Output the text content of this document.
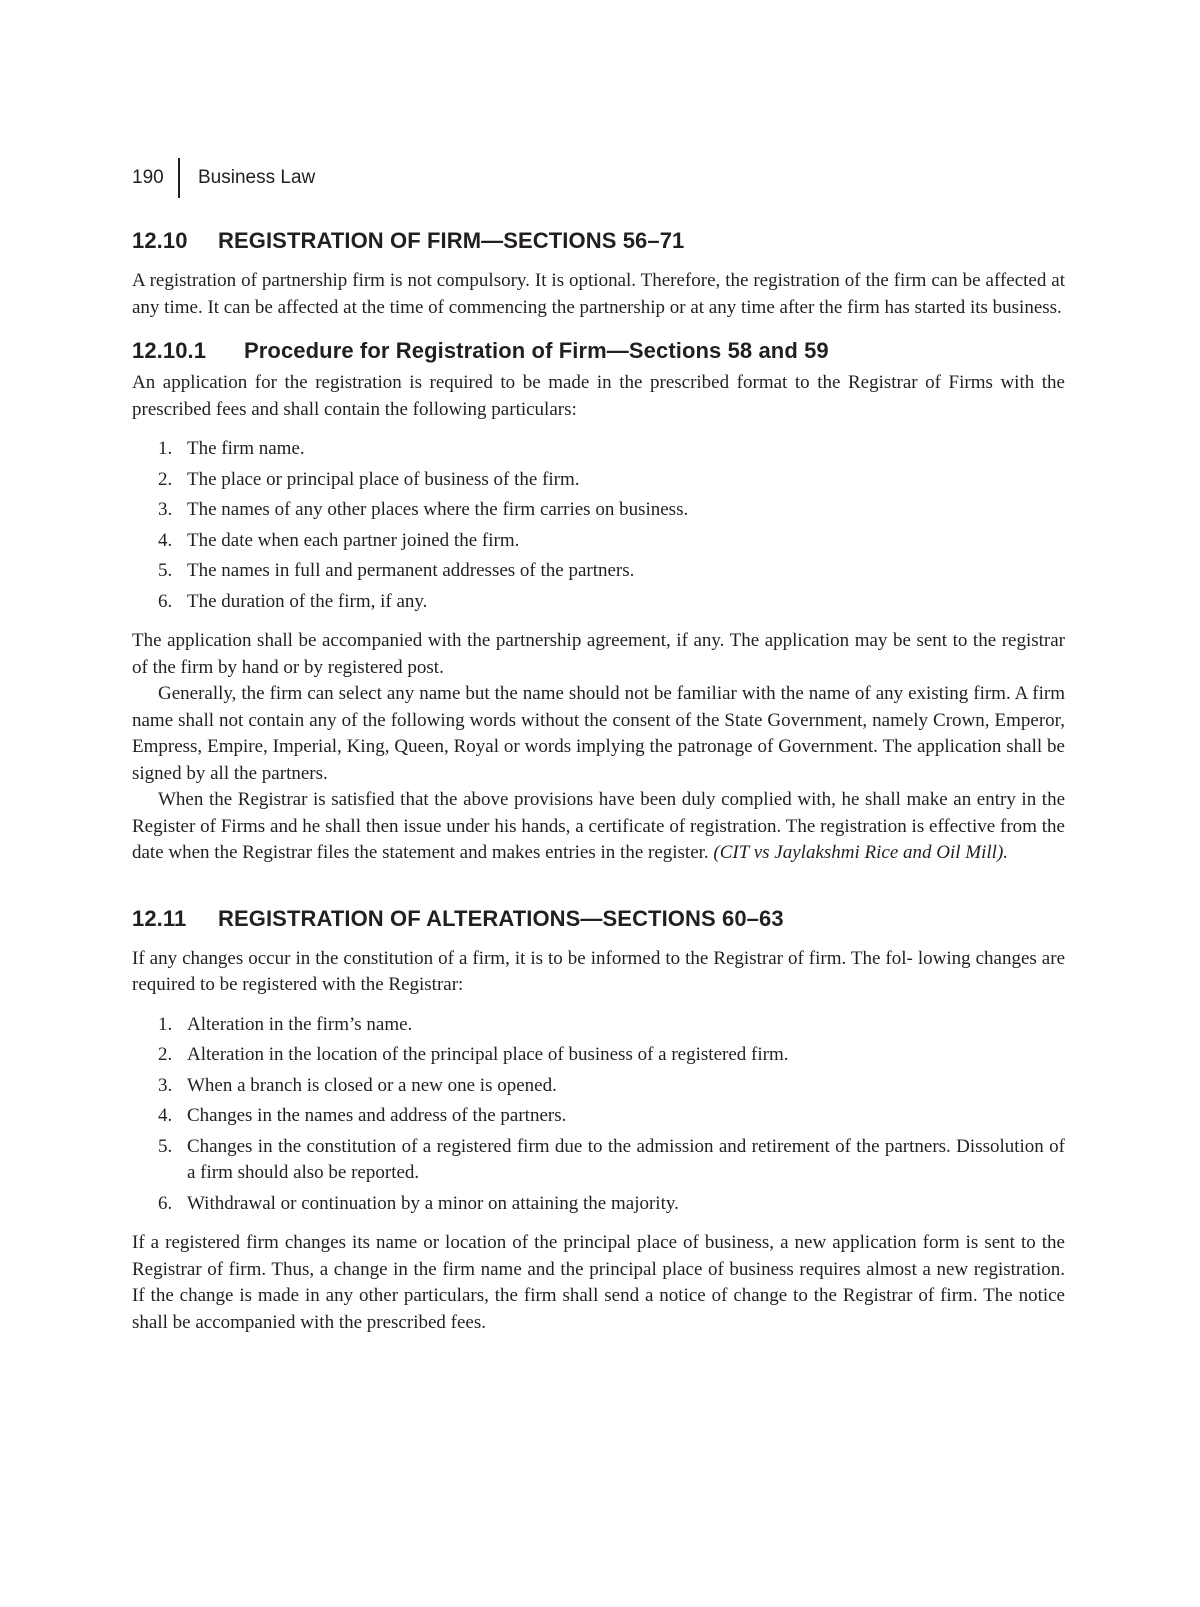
190	Business Law
12.10 REGISTRATION OF FIRM—SECTIONS 56–71

A registration of partnership firm is not compulsory. It is optional. Therefore, the registration of the firm can be affected at any time. It can be affected at the time of commencing the partnership or at any time after the firm has started its business.

12.10.1 Procedure for Registration of Firm—Sections 58 and 59

An application for the registration is required to be made in the prescribed format to the Registrar of Firms with the prescribed fees and shall contain the following particulars:

1. The firm name.
2. The place or principal place of business of the firm.
3. The names of any other places where the firm carries on business.
4. The date when each partner joined the firm.
5. The names in full and permanent addresses of the partners.
6. The duration of the firm, if any.

The application shall be accompanied with the partnership agreement, if any. The application may be sent to the registrar of the firm by hand or by registered post.

Generally, the firm can select any name but the name should not be familiar with the name of any existing firm. A firm name shall not contain any of the following words without the consent of the State Government, namely Crown, Emperor, Empress, Empire, Imperial, King, Queen, Royal or words implying the patronage of Government. The application shall be signed by all the partners.

When the Registrar is satisfied that the above provisions have been duly complied with, he shall make an entry in the Register of Firms and he shall then issue under his hands, a certificate of registration. The registration is effective from the date when the Registrar files the statement and makes entries in the register. (CIT vs Jaylakshmi Rice and Oil Mill).

12.11 REGISTRATION OF ALTERATIONS—SECTIONS 60–63

If any changes occur in the constitution of a firm, it is to be informed to the Registrar of firm. The fol- lowing changes are required to be registered with the Registrar:

1. Alteration in the firm’s name.
2. Alteration in the location of the principal place of business of a registered firm.
3. When a branch is closed or a new one is opened.
4. Changes in the names and address of the partners.
5. Changes in the constitution of a registered firm due to the admission and retirement of the partners. Dissolution of a firm should also be reported.
6. Withdrawal or continuation by a minor on attaining the majority.

If a registered firm changes its name or location of the principal place of business, a new application form is sent to the Registrar of firm. Thus, a change in the firm name and the principal place of business requires almost a new registration. If the change is made in any other particulars, the firm shall send a notice of change to the Registrar of firm. The notice shall be accompanied with the prescribed fees.
